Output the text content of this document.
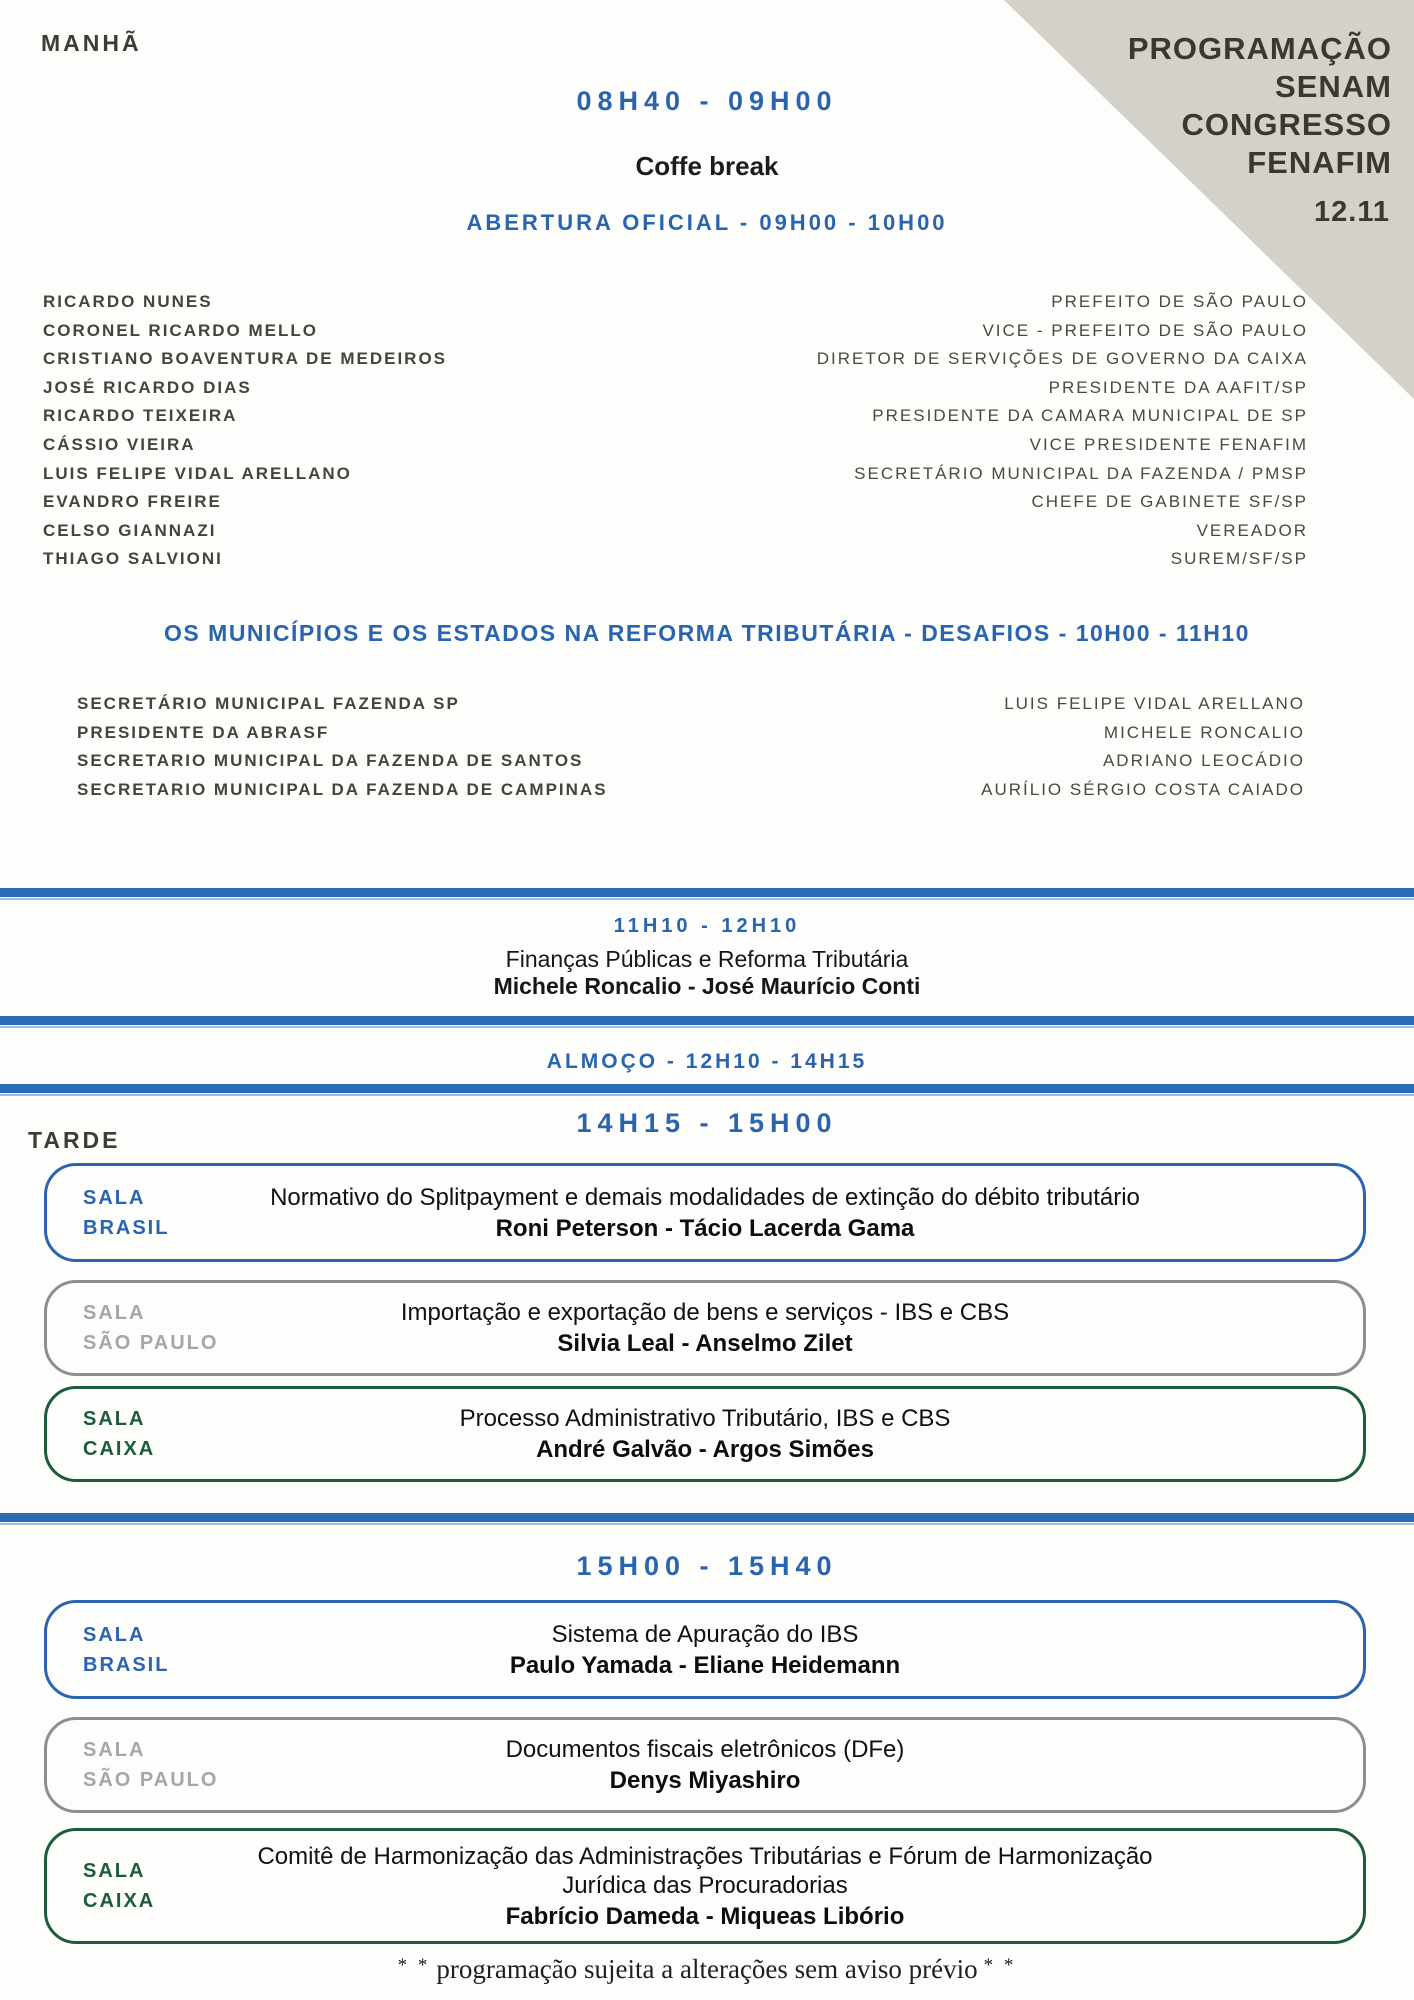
PROGRAMAÇÃO
SENAM
CONGRESSO
FENAFIM
12.11
MANHÃ
08H40 - 09H00
Coffe break
ABERTURA OFICIAL - 09H00 - 10H00
RICARDO NUNES	PREFEITO DE SÃO PAULO
CORONEL RICARDO MELLO	VICE - PREFEITO DE SÃO PAULO
CRISTIANO BOAVENTURA DE MEDEIROS	DIRETOR DE SERVIÇÕES DE GOVERNO DA CAIXA
JOSÉ RICARDO DIAS	PRESIDENTE DA AAFIT/SP
RICARDO TEIXEIRA	PRESIDENTE DA CAMARA MUNICIPAL DE SP
CÁSSIO VIEIRA	VICE PRESIDENTE FENAFIM
LUIS FELIPE VIDAL ARELLANO	SECRETÁRIO MUNICIPAL DA FAZENDA / PMSP
EVANDRO FREIRE	CHEFE DE GABINETE SF/SP
CELSO GIANNAZI	VEREADOR
THIAGO SALVIONI	SUREM/SF/SP
OS MUNICÍPIOS E OS ESTADOS NA REFORMA TRIBUTÁRIA - DESAFIOS - 10H00 - 11H10
SECRETÁRIO MUNICIPAL FAZENDA SP	LUIS FELIPE VIDAL ARELLANO
PRESIDENTE DA ABRASF	MICHELE RONCALIO
SECRETARIO MUNICIPAL DA FAZENDA DE SANTOS	ADRIANO LEOCÁDIO
SECRETARIO MUNICIPAL DA FAZENDA DE CAMPINAS	AURÍLIO SÉRGIO COSTA CAIADO
11H10 - 12H10
Finanças Públicas e Reforma Tributária
Michele Roncalio - José Maurício Conti
ALMOÇO - 12H10 - 14H15
TARDE
14H15 - 15H00
SALA
BRASIL
Normativo do Splitpayment e demais modalidades de extinção do débito tributário
Roni Peterson - Tácio Lacerda Gama
SALA
SÃO PAULO
Importação e exportação de bens e serviços - IBS e CBS
Silvia Leal - Anselmo Zilet
SALA
CAIXA
Processo Administrativo Tributário, IBS e CBS
André Galvão - Argos Simões
15H00 - 15H40
SALA
BRASIL
Sistema de Apuração do IBS
Paulo Yamada - Eliane Heidemann
SALA
SÃO PAULO
Documentos fiscais eletrônicos (DFe)
Denys Miyashiro
SALA
CAIXA
Comitê de Harmonização das Administrações Tributárias e Fórum de Harmonização Jurídica das Procuradorias
Fabrício Dameda - Miqueas Libório
* * programação sujeita a alterações sem aviso prévio * *
